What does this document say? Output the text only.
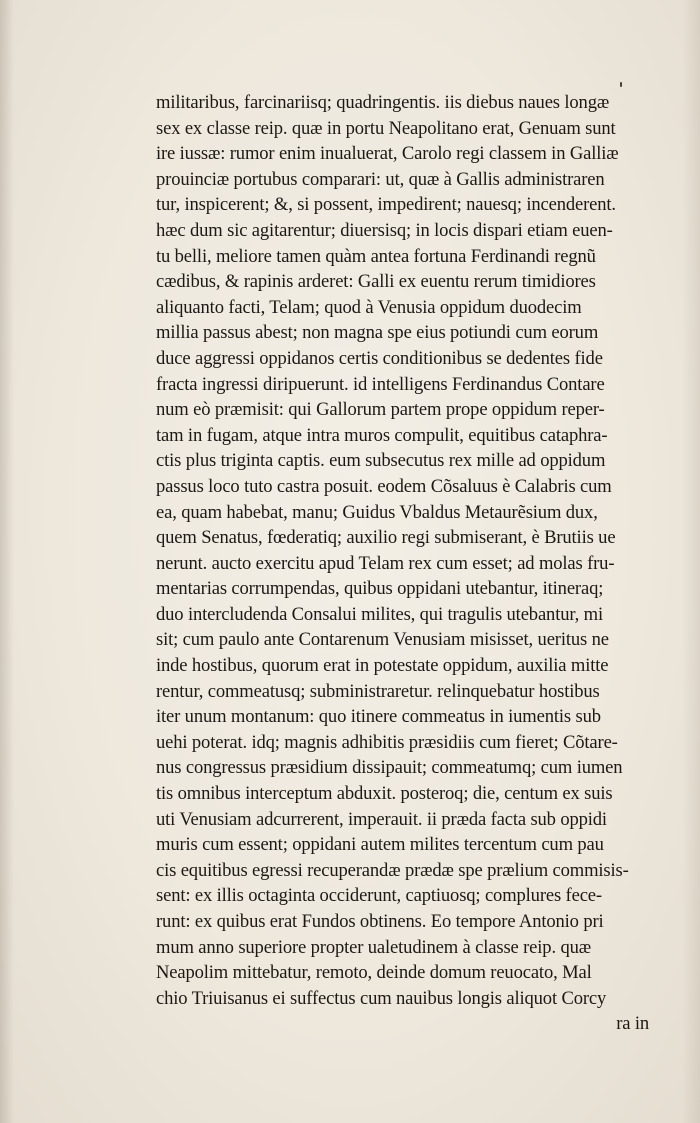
militaribus, farcinariisq; quadringentis. iis diebus naues longæ
sex ex classe reip. quæ in portu Neapolitano erat, Genuam sunt
ire iussæ: rumor enim inualuerat, Carolo regi classem in Galliæ
prouinciæ portubus comparari: ut, quæ à Gallis administraren
tur, inspicerent; &, si possent, impedirent; nauesq; incenderent.
hæc dum sic agitarentur; diuersisq; in locis dispari etiam euen-
tu belli, meliore tamen quàm antea fortuna Ferdinandi regnũ
cædibus, & rapinis arderet: Galli ex euentu rerum timidiores
aliquanto facti, Telam; quod à Venusia oppidum duodecim
millia passus abest; non magna spe eius potiundi cum eorum
duce aggressi oppidanos certis conditionibus se dedentes fide
fracta ingressi diripuerunt. id intelligens Ferdinandus Contare
num eò præmisit: qui Gallorum partem prope oppidum reper-
tam in fugam, atque intra muros compulit, equitibus cataphra-
ctis plus triginta captis. eum subsecutus rex mille ad oppidum
passus loco tuto castra posuit. eodem Cõsaluus è Calabris cum
ea, quam habebat, manu; Guidus Vbaldus Metaurẽsium dux,
quem Senatus, fœderatiq; auxilio regi submiserant, è Brutiis ue
nerunt. aucto exercitu apud Telam rex cum esset; ad molas fru-
mentarias corrumpendas, quibus oppidani utebantur, itineraq;
duo intercludenda Consalui milites, qui tragulis utebantur, mi
sit; cum paulo ante Contarenum Venusiam misisset, ueritus ne
inde hostibus, quorum erat in potestate oppidum, auxilia mitte
rentur, commeatusq; subministraretur. relinquebatur hostibus
iter unum montanum: quo itinere commeatus in iumentis sub
uehi poterat. idq; magnis adhibitis præsidiis cum fieret; Cõtare-
nus congressus præsidium dissipauit; commeatumq; cum iumen
tis omnibus interceptum abduxit. posteroq; die, centum ex suis
uti Venusiam adcurrerent, imperauit. ii præda facta sub oppidi
muris cum essent; oppidani autem milites tercentum cum pau
cis equitibus egressi recuperandæ prædæ spe prælium commisis-
sent: ex illis octaginta occiderunt, captiuosq; complures fece-
runt: ex quibus erat Fundos obtinens. Eo tempore Antonio pri
mum anno superiore propter ualetudinem à classe reip. quæ
Neapolim mittebatur, remoto, deinde domum reuocato, Mal
chio Triuisanus ei suffectus cum nauibus longis aliquot Corcy
ra in
